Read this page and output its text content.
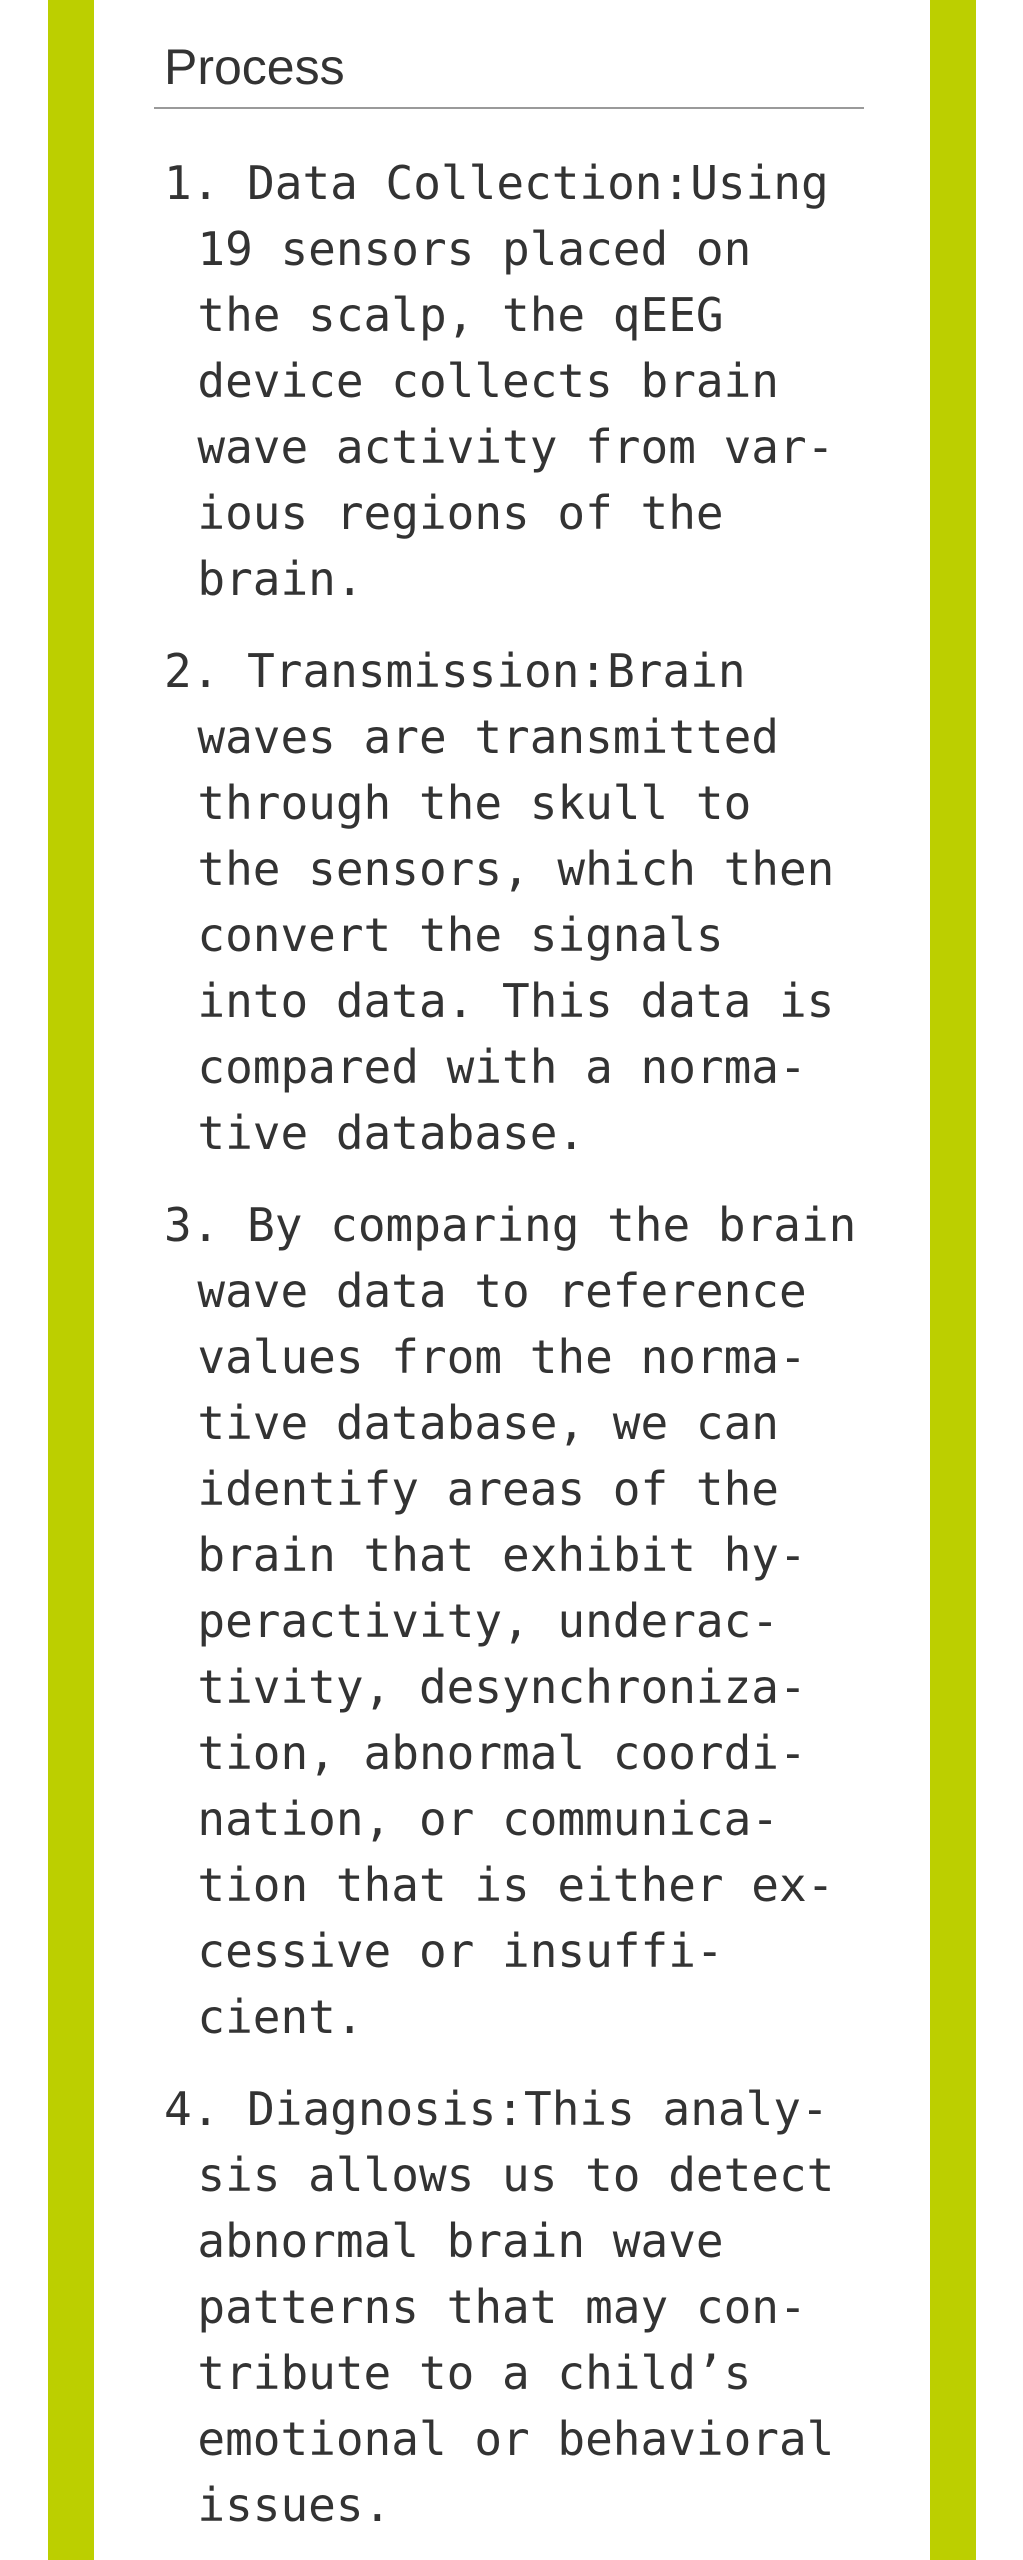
Process
1. Data Collection:Using
19 sensors placed on
the scalp, the qEEG
device collects brain
wave activity from var-
ious regions of the
brain.
2. Transmission:Brain
waves are transmitted
through the skull to
the sensors, which then
convert the signals
into data. This data is
compared with a norma-
tive database.
3. By comparing the brain
wave data to reference
values from the norma-
tive database, we can
identify areas of the
brain that exhibit hy-
peractivity, underac-
tivity, desynchroniza-
tion, abnormal coordi-
nation, or communica-
tion that is either ex-
cessive or insuffi-
cient.
4. Diagnosis:This analy-
sis allows us to detect
abnormal brain wave
patterns that may con-
tribute to a child’s
emotional or behavioral
issues.
